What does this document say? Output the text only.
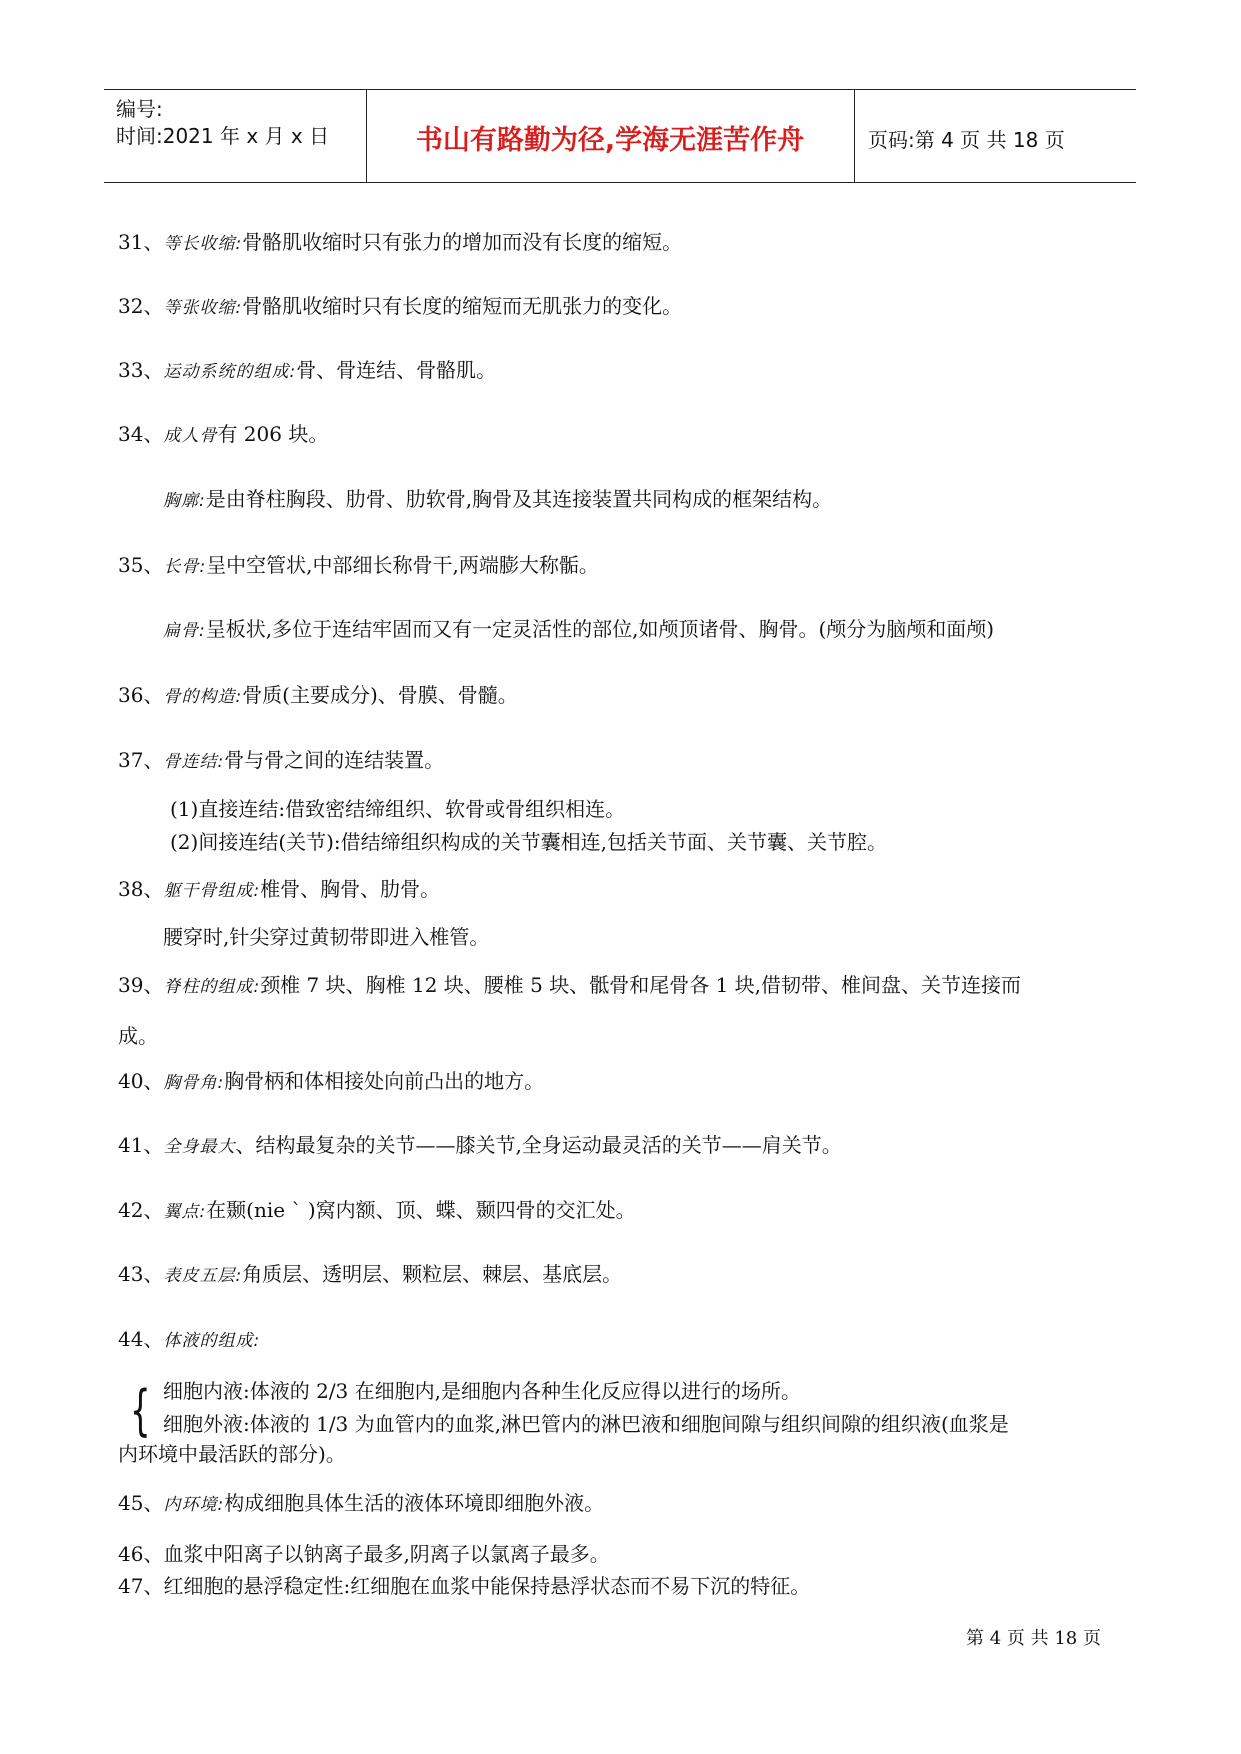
编号:
时间:2021 年 x 月 x 日	书山有路勤为径,学海无涯苦作舟	页码:第 4 页 共 18 页
31、等长收缩:骨骼肌收缩时只有张力的增加而没有长度的缩短。
32、等张收缩:骨骼肌收缩时只有长度的缩短而无肌张力的变化。
33、运动系统的组成:骨、骨连结、骨骼肌。
34、成人骨有 206 块。
胸廓:是由脊柱胸段、肋骨、肋软骨,胸骨及其连接装置共同构成的框架结构。
35、长骨:呈中空管状,中部细长称骨干,两端膨大称骺。
扁骨:呈板状,多位于连结牢固而又有一定灵活性的部位,如颅顶诸骨、胸骨。(颅分为脑颅和面颅)
36、骨的构造:骨质(主要成分)、骨膜、骨髓。
37、骨连结:骨与骨之间的连结装置。
(1)直接连结:借致密结缔组织、软骨或骨组织相连。
(2)间接连结(关节):借结缔组织构成的关节囊相连,包括关节面、关节囊、关节腔。
38、躯干骨组成:椎骨、胸骨、肋骨。
腰穿时,针尖穿过黄韧带即进入椎管。
39、脊柱的组成:颈椎 7 块、胸椎 12 块、腰椎 5 块、骶骨和尾骨各 1 块,借韧带、椎间盘、关节连接而
成。
40、胸骨角:胸骨柄和体相接处向前凸出的地方。
41、全身最大、结构最复杂的关节——膝关节,全身运动最灵活的关节——肩关节。
42、翼点:在颞(nie ` )窝内额、顶、蝶、颞四骨的交汇处。
43、表皮五层:角质层、透明层、颗粒层、棘层、基底层。
44、体液的组成:
{ 细胞内液:体液的 2/3 在细胞内,是细胞内各种生化反应得以进行的场所。
细胞外液:体液的 1/3 为血管内的血浆,淋巴管内的淋巴液和细胞间隙与组织间隙的组织液(血浆是
内环境中最活跃的部分)。
45、内环境:构成细胞具体生活的液体环境即细胞外液。
46、血浆中阳离子以钠离子最多,阴离子以氯离子最多。
47、红细胞的悬浮稳定性:红细胞在血浆中能保持悬浮状态而不易下沉的特征。
第 4 页 共 18 页
